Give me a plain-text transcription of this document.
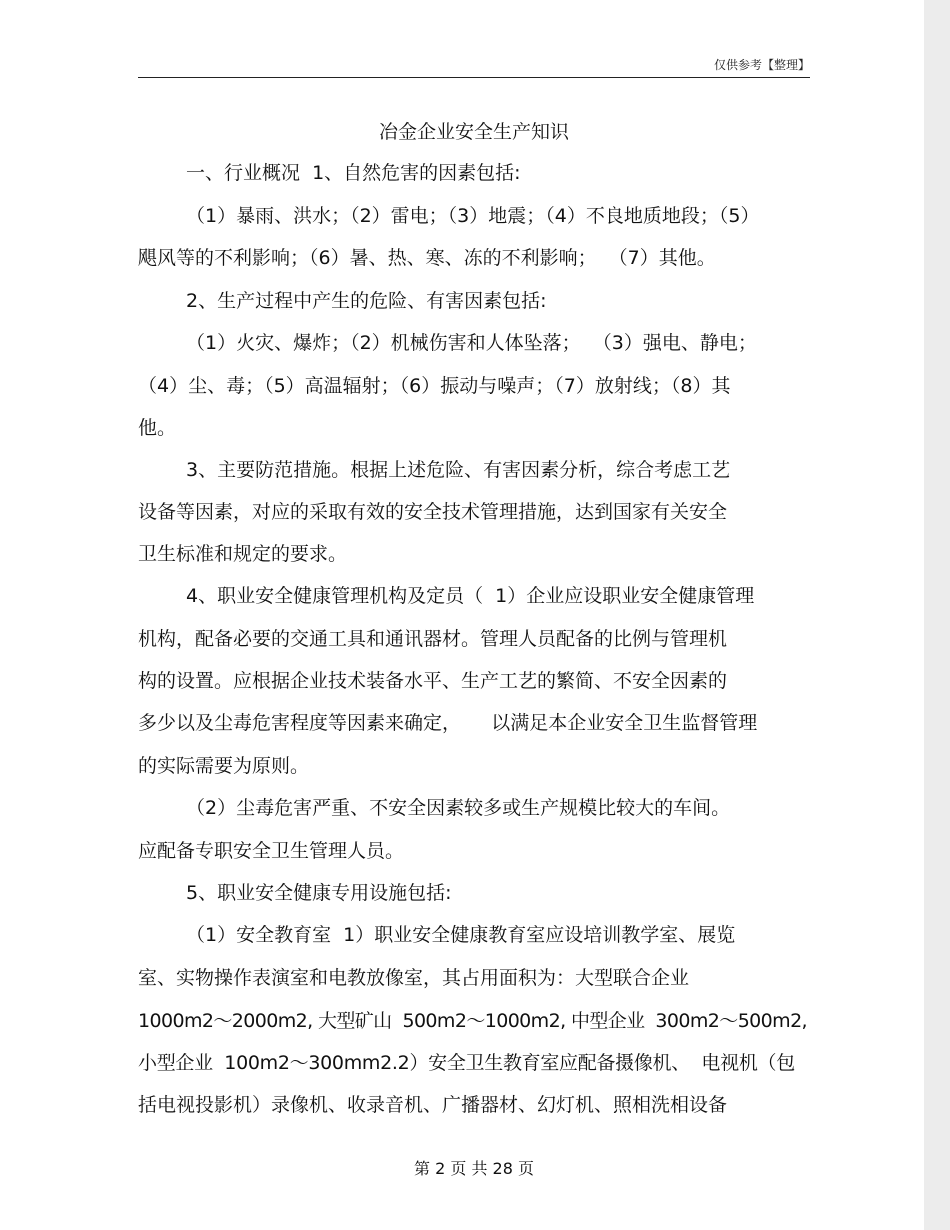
仅供参考【整理】
冶金企业安全生产知识
一、行业概况  1、自然危害的因素包括:
（1）暴雨、洪水；（2）雷电；（3）地震；（4）不良地质地段；（5）
飓风等的不利影响；（6）暑、热、寒、冻的不利影响；  （7）其他。
2、生产过程中产生的危险、有害因素包括:
（1）火灾、爆炸；（2）机械伤害和人体坠落；  （3）强电、静电；
（4）尘、毒；（5）高温辐射；（6）振动与噪声；（7）放射线；（8）其
他。
3、主要防范措施。根据上述危险、有害因素分析，综合考虑工艺
设备等因素，对应的采取有效的安全技术管理措施，达到国家有关安全
卫生标准和规定的要求。
4、职业安全健康管理机构及定员（  1）企业应设职业安全健康管理
机构，配备必要的交通工具和通讯器材。管理人员配备的比例与管理机
构的设置。应根据企业技术装备水平、生产工艺的繁简、不安全因素的
多少以及尘毒危害程度等因素来确定，     以满足本企业安全卫生监督管理
的实际需要为原则。
（2）尘毒危害严重、不安全因素较多或生产规模比较大的车间。
应配备专职安全卫生管理人员。
5、职业安全健康专用设施包括:
（1）安全教育室  1）职业安全健康教育室应设培训教学室、展览
室、实物操作表演室和电教放像室，其占用面积为：大型联合企业
1000m2～2000m2, 大型矿山  500m2～1000m2, 中型企业  300m2～500m2,
小型企业  100m2～300mm2.2）安全卫生教育室应配备摄像机、  电视机（包
括电视投影机）录像机、收录音机、广播器材、幻灯机、照相洗相设备
第 2 页 共 28 页
